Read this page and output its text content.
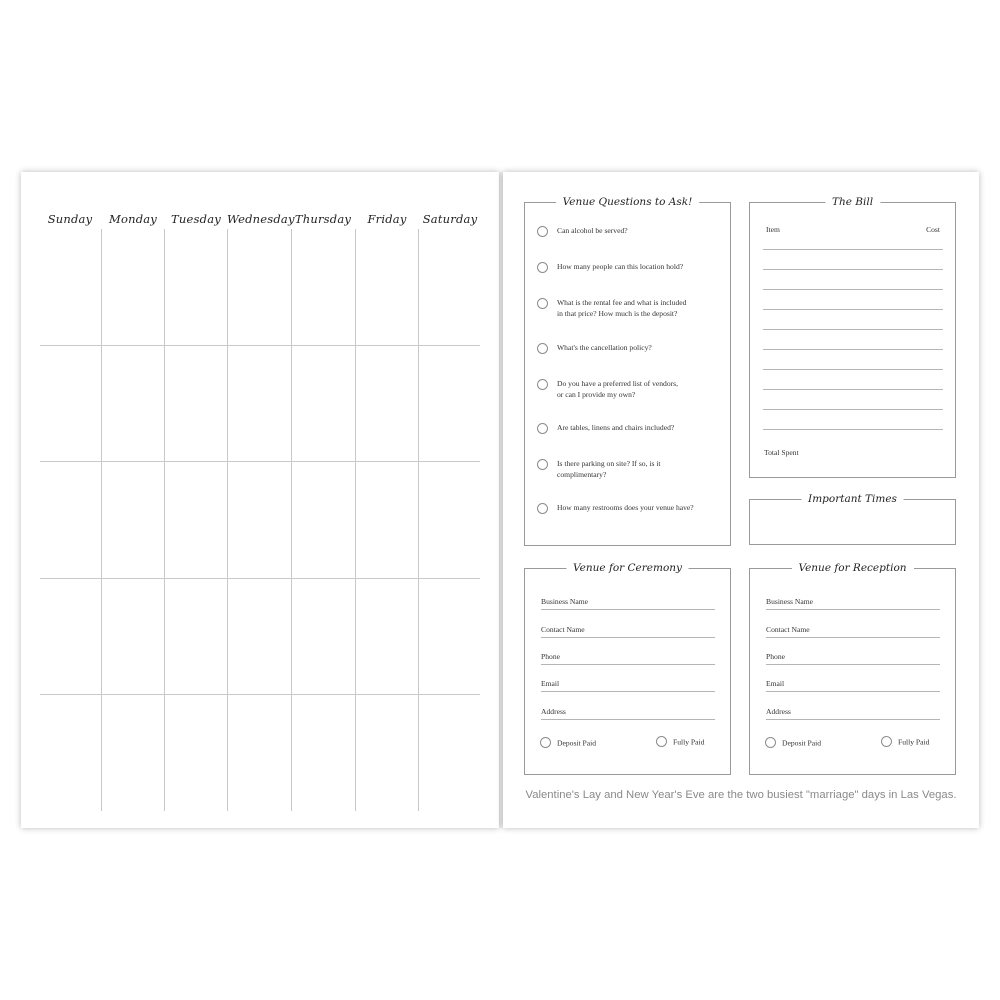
Sunday	Monday	Tuesday Wednesday Thursday	Friday	Saturday
Venue Questions to Ask!
Can alcohol be served?
How many people can this location hold?
What is the rental fee and what is included
in that price? How much is the deposit?
What's the cancellation policy?
Do you have a preferred list of vendors,
or can I provide my own?
Are tables, linens and chairs included?
Is there parking on site? If so, is it
complimentary?
How many restrooms does your venue have?
The Bill
Item	Cost
Total Spent
Important Times
Venue for Ceremony
Business Name
Contact Name
Phone
Email
Address
Deposit Paid	Fully Paid
Venue for Reception
Business Name
Contact Name
Phone
Email
Address
Deposit Paid	Fully Paid
Valentine's Lay and New Year's Eve are the two busiest "marriage" days in Las Vegas.
